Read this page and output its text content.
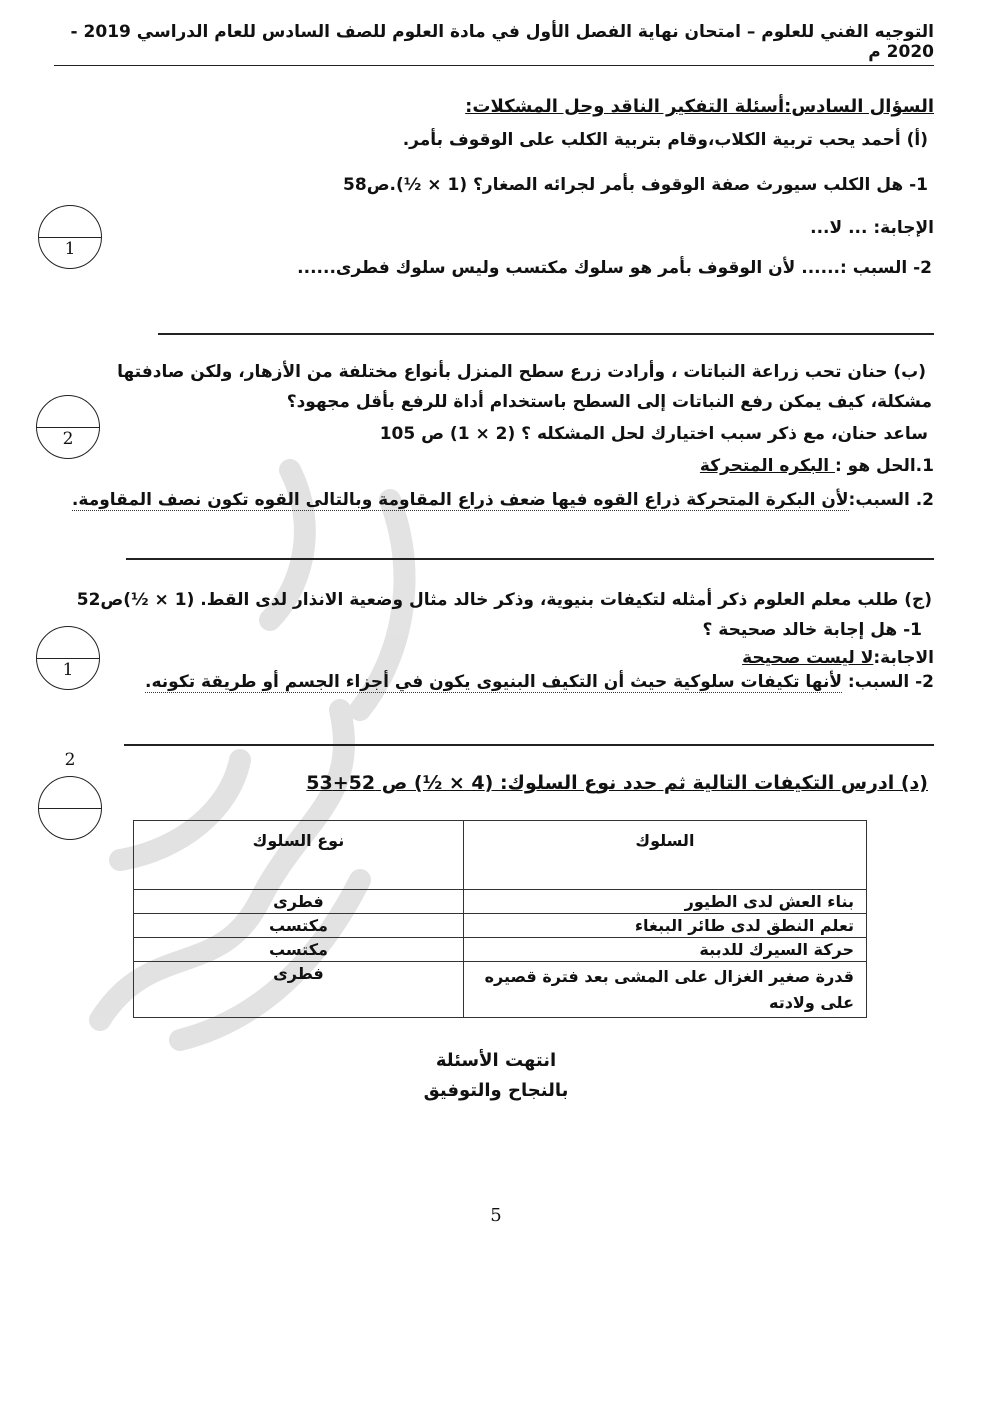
التوجيه الفني للعلوم – امتحان نهاية الفصل الأول في مادة العلوم للصف السادس للعام الدراسي 2019 - 2020 م
السؤال السادس:أسئلة التفكير الناقد وحل المشكلات:
(أ) أحمد يحب تربية الكلاب،وقام بتربية الكلب على الوقوف بأمر.
1- هل الكلب سيورث صفة الوقوف بأمر لجرائه الصغار؟ (1 × ½).ص58
الإجابة: ... لا...
2- السبب :...... لأن الوقوف بأمر هو سلوك مكتسب وليس سلوك فطرى......
1
(ب) حنان تحب زراعة النباتات ، وأرادت زرع سطح المنزل بأنواع مختلفة من الأزهار، ولكن صادفتها
مشكلة، كيف يمكن رفع النباتات إلى السطح باستخدام أداة للرفع بأقل مجهود؟
ساعد حنان، مع ذكر سبب اختيارك لحل المشكله ؟ (2 × 1) ص 105
1.الحل هو : البكره المتحركة
2. السبب:لأن البكرة المتحركة ذراع القوه فيها ضعف ذراع المقاومة وبالتالى القوه تكون نصف المقاومة.
2
(ج) طلب معلم العلوم ذكر أمثله لتكيفات بنيوية، وذكر خالد مثال وضعية الانذار لدى القط. (1 × ½)ص52
1- هل إجابة خالد صحيحة ؟
الاجابة:لا ليست صحيحة
2- السبب: لأنها تكيفات سلوكية حيث أن التكيف البنيوى يكون في أجزاء الجسم أو طريقة تكونه.
1
(د) ادرس التكيفات التالية ثم حدد نوع السلوك: (4 × ½) ص 52+53
2
السلوك	نوع السلوك
بناء العش لدى الطيور	فطرى
تعلم النطق لدى طائر الببغاء	مكتسب
حركة السيرك للدببة	مكتسب
قدرة صغير الغزال على المشى بعد فترة قصيره على ولادته	فطرى
انتهت الأسئلة
بالنجاح والتوفيق
5
